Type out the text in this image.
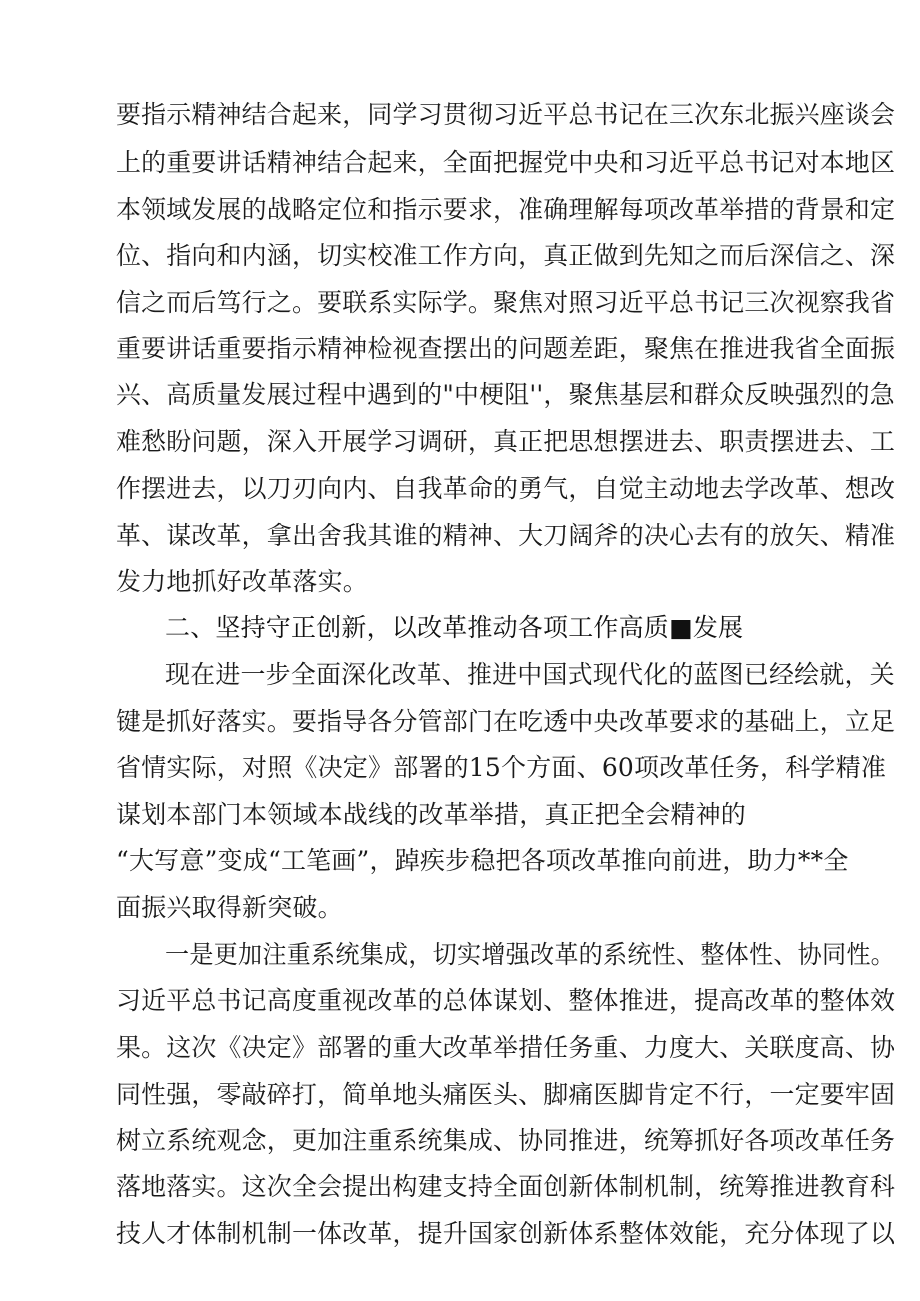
要指示精神结合起来，同学习贯彻习近平总书记在三次东北振兴座谈会
上的重要讲话精神结合起来，全面把握党中央和习近平总书记对本地区
本领域发展的战略定位和指示要求，准确理解每项改革举措的背景和定
位、指向和内涵，切实校准工作方向，真正做到先知之而后深信之、深
信之而后笃行之。要联系实际学。聚焦对照习近平总书记三次视察我省
重要讲话重要指示精神检视查摆出的问题差距，聚焦在推进我省全面振
兴、高质量发展过程中遇到的"中梗阻''，聚焦基层和群众反映强烈的急
难愁盼问题，深入开展学习调研，真正把思想摆进去、职责摆进去、工
作摆进去，以刀刃向内、自我革命的勇气，自觉主动地去学改革、想改
革、谋改革，拿出舍我其谁的精神、大刀阔斧的决心去有的放矢、精准
发力地抓好改革落实。
二、坚持守正创新，以改革推动各项工作高质■发展
现在进一步全面深化改革、推进中国式现代化的蓝图已经绘就，关
键是抓好落实。要指导各分管部门在吃透中央改革要求的基础上，立足
省情实际，对照《决定》部署的15个方面、60项改革任务，科学精准
谋划本部门本领域本战线的改革举措，真正把全会精神的
“大写意”变成“工笔画”，踔疾步稳把各项改革推向前进，助力**全
面振兴取得新突破。
一是更加注重系统集成，切实增强改革的系统性、整体性、协同性。
习近平总书记高度重视改革的总体谋划、整体推进，提高改革的整体效
果。这次《决定》部署的重大改革举措任务重、力度大、关联度高、协
同性强，零敲碎打，简单地头痛医头、脚痛医脚肯定不行，一定要牢固
树立系统观念，更加注重系统集成、协同推进，统筹抓好各项改革任务
落地落实。这次全会提出构建支持全面创新体制机制，统筹推进教育科
技人才体制机制一体改革，提升国家创新体系整体效能，充分体现了以
